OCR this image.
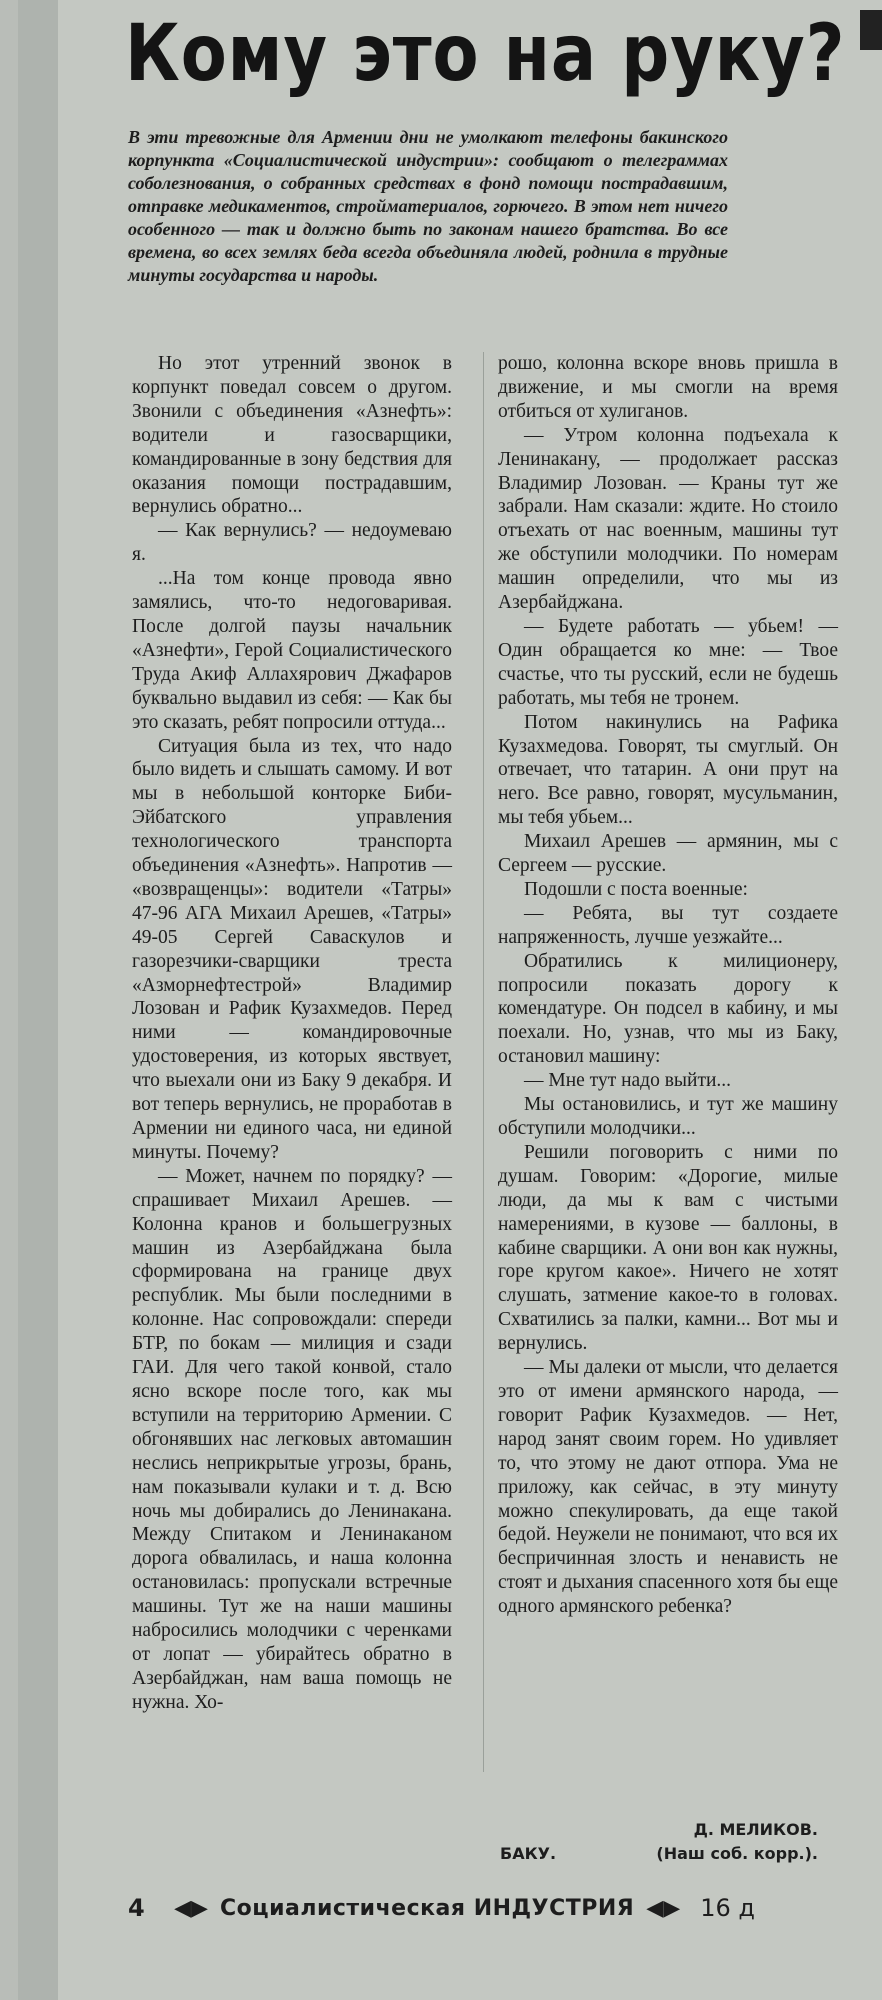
Кому это на руку?
В эти тревожные для Армении дни не умолкают телефоны бакинского корпункта «Социалистической индустрии»: сообщают о телеграммах соболезнования, о собранных средствах в фонд помощи пострадавшим, отправке медикаментов, стройматериалов, горючего. В этом нет ничего особенного — так и должно быть по законам нашего братства. Во все времена, во всех землях беда всегда объединяла людей, роднила в трудные минуты государства и народы.

Но этот утренний звонок в корпункт поведал совсем о другом. Звонили с объединения «Азнефть»: водители и газосварщики, командированные в зону бедствия для оказания помощи пострадавшим, вернулись обратно...

— Как вернулись? — недоумеваю я.

...На том конце провода явно замялись, что-то недоговаривая. После долгой паузы начальник «Азнефти», Герой Социалистического Труда Акиф Аллахярович Джафаров буквально выдавил из себя: — Как бы это сказать, ребят попросили оттуда...

Ситуация была из тех, что надо было видеть и слышать самому. И вот мы в небольшой конторке Биби-Эйбатского управления технологического транспорта объединения «Азнефть». Напротив — «возвращенцы»: водители «Татры» 47-96 АГА Михаил Арешев, «Татры» 49-05 Сергей Саваскулов и газорезчики-сварщики треста «Азморнефтестрой» Владимир Лозован и Рафик Кузахмедов. Перед ними — командировочные удостоверения, из которых явствует, что выехали они из Баку 9 декабря. И вот теперь вернулись, не проработав в Армении ни единого часа, ни единой минуты. Почему?

— Может, начнем по порядку? — спрашивает Михаил Арешев. — Колонна кранов и большегрузных машин из Азербайджана была сформирована на границе двух республик. Мы были последними в колонне. Нас сопровождали: спереди БТР, по бокам — милиция и сзади ГАИ. Для чего такой конвой, стало ясно вскоре после того, как мы вступили на территорию Армении. С обгонявших нас легковых автомашин неслись неприкрытые угрозы, брань, нам показывали кулаки и т. д. Всю ночь мы добирались до Ленинакана. Между Спитаком и Ленинаканом дорога обвалилась, и наша колонна остановилась: пропускали встречные машины. Тут же на наши машины набросились молодчики с черенками от лопат — убирайтесь обратно в Азербайджан, нам ваша помощь не нужна. Хо-

рошо, колонна вскоре вновь пришла в движение, и мы смогли на время отбиться от хулиганов.

— Утром колонна подъехала к Ленинакану, — продолжает рассказ Владимир Лозован. — Краны тут же забрали. Нам сказали: ждите. Но стоило отъехать от нас военным, машины тут же обступили молодчики. По номерам машин определили, что мы из Азербайджана.

— Будете работать — убьем! — Один обращается ко мне: — Твое счастье, что ты русский, если не будешь работать, мы тебя не тронем.

Потом накинулись на Рафика Кузахмедова. Говорят, ты смуглый. Он отвечает, что татарин. А они прут на него. Все равно, говорят, мусульманин, мы тебя убьем...

Михаил Арешев — армянин, мы с Сергеем — русские.

Подошли с поста военные:

— Ребята, вы тут создаете напряженность, лучше уезжайте...

Обратились к милиционеру, попросили показать дорогу к комендатуре. Он подсел в кабину, и мы поехали. Но, узнав, что мы из Баку, остановил машину:

— Мне тут надо выйти...

Мы остановились, и тут же машину обступили молодчики...

Решили поговорить с ними по душам. Говорим: «Дорогие, милые люди, да мы к вам с чистыми намерениями, в кузове — баллоны, в кабине сварщики. А они вон как нужны, горе кругом какое». Ничего не хотят слушать, затмение какое-то в головах. Схватились за палки, камни... Вот мы и вернулись.

— Мы далеки от мысли, что делается это от имени армянского народа, — говорит Рафик Кузахмедов. — Нет, народ занят своим горем. Но удивляет то, что этому не дают отпора. Ума не приложу, как сейчас, в эту минуту можно спекулировать, да еще такой бедой. Неужели не понимают, что вся их беспричинная злость и ненависть не стоят и дыхания спасенного хотя бы еще одного армянского ребенка?

Д. МЕЛИКОВ.
БАКУ.	(Наш соб. корр.).
4	◀▶ Социалистическая ИНДУСТРИЯ ◀▶ 16 д
